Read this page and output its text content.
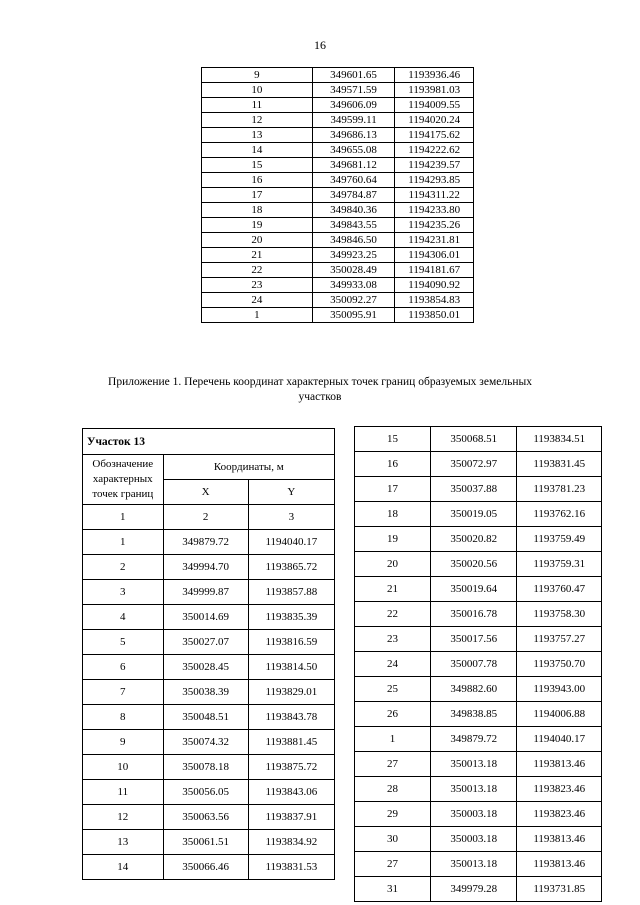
16
9	349601.65	1193936.46
10	349571.59	1193981.03
11	349606.09	1194009.55
12	349599.11	1194020.24
13	349686.13	1194175.62
14	349655.08	1194222.62
15	349681.12	1194239.57
16	349760.64	1194293.85
17	349784.87	1194311.22
18	349840.36	1194233.80
19	349843.55	1194235.26
20	349846.50	1194231.81
21	349923.25	1194306.01
22	350028.49	1194181.67
23	349933.08	1194090.92
24	350092.27	1193854.83
1	350095.91	1193850.01
Приложение 1. Перечень координат характерных точек границ образуемых земельных
участков
Участок 13		
Обозначение характерных точек границ	Координаты, м	
	X	Y
1	2	3
1	349879.72	1194040.17
2	349994.70	1193865.72
3	349999.87	1193857.88
4	350014.69	1193835.39
5	350027.07	1193816.59
6	350028.45	1193814.50
7	350038.39	1193829.01
8	350048.51	1193843.78
9	350074.32	1193881.45
10	350078.18	1193875.72
11	350056.05	1193843.06
12	350063.56	1193837.91
13	350061.51	1193834.92
14	350066.46	1193831.53
15	350068.51	1193834.51
16	350072.97	1193831.45
17	350037.88	1193781.23
18	350019.05	1193762.16
19	350020.82	1193759.49
20	350020.56	1193759.31
21	350019.64	1193760.47
22	350016.78	1193758.30
23	350017.56	1193757.27
24	350007.78	1193750.70
25	349882.60	1193943.00
26	349838.85	1194006.88
1	349879.72	1194040.17
27	350013.18	1193813.46
28	350013.18	1193823.46
29	350003.18	1193823.46
30	350003.18	1193813.46
27	350013.18	1193813.46
31	349979.28	1193731.85
